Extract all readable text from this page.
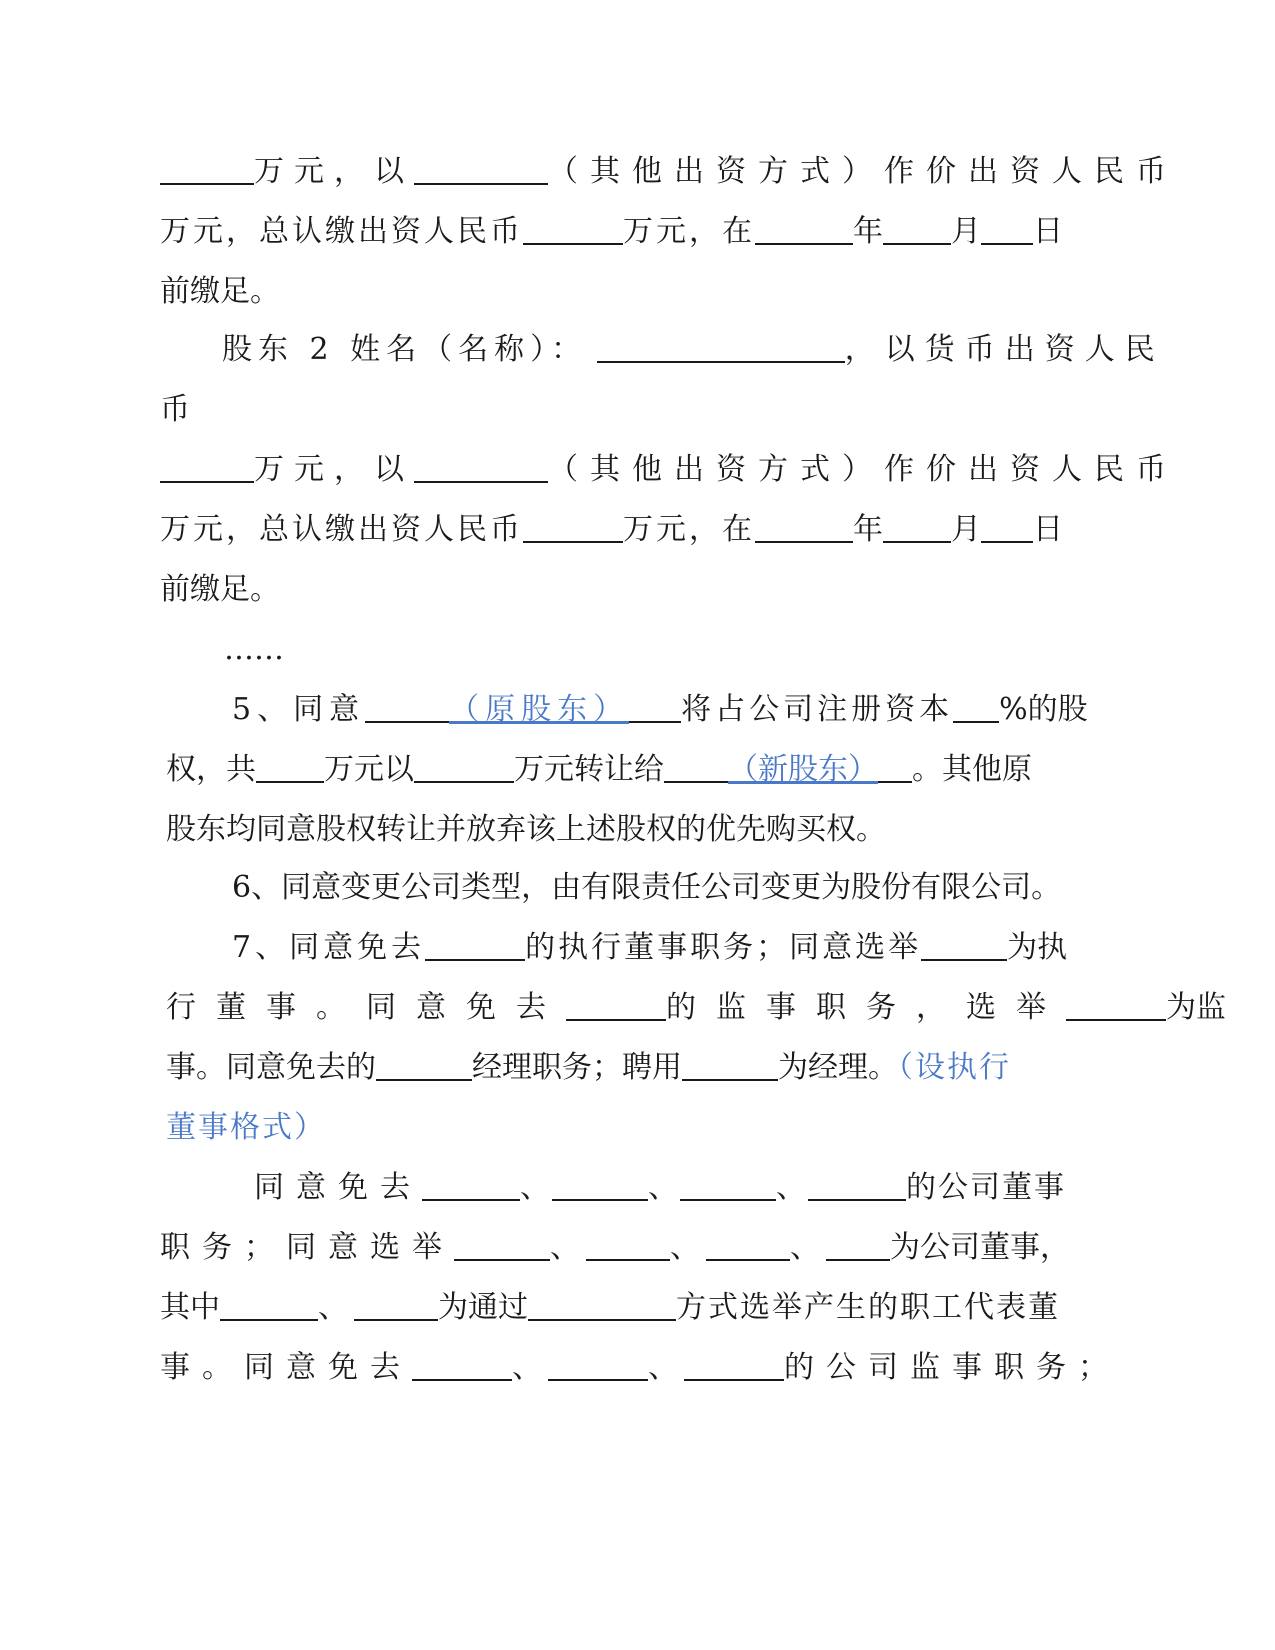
万元，以	（其他出资方式）作价出资人民币
万元，总认缴出资人民币	万元，在	年 月 日
前缴足。
股东 2 姓名（名称）：	，以货币出资人民
币
万元，以	（其他出资方式）作价出资人民币
万元，总认缴出资人民币	万元，在	年 月 日
前缴足。
……
5、同意	（原股东） 将占公司注册资本 %的股
权，共 万元以	万元转让给 （新股东） 。其他原
股东均同意股权转让并放弃该上述股权的优先购买权。
6、同意变更公司类型，由有限责任公司变更为股份有限公司。
7、同意免去	的执行董事职务；同意选举	为执
行董事。同意免去	的监事职务，选举	为监
事。同意免去的	经理职务；聘用	为经理。（设执行
董事格式）
同意免去	、	、	、	的公司董事
职务；同意选举	、	、	、 为公司董事，
其中	、	为通过	方式选举产生的职工代表董
事。同意免去	、	、	的公司监事职务；
